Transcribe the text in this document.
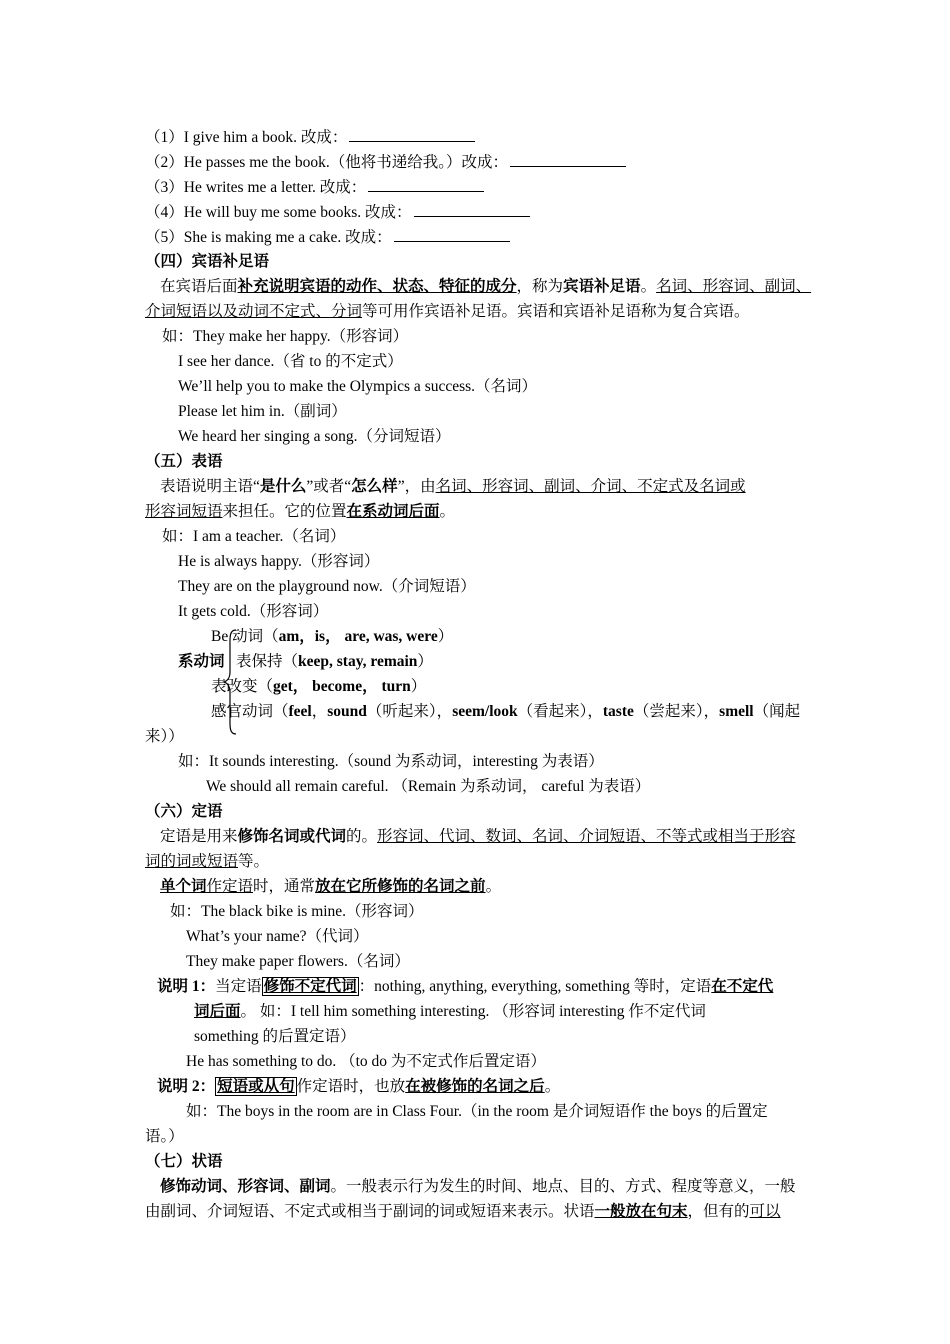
（1）I give him a book. 改成：
（2）He passes me the book.（他将书递给我。）改成：
（3）He writes me a letter. 改成：
（4）He will buy me some books. 改成：
（5）She is making me a cake. 改成：
（四）宾语补足语
在宾语后面补充说明宾语的动作、状态、特征的成分，称为宾语补足语。名词、形容词、副词、
介词短语以及动词不定式、分词等可用作宾语补足语。宾语和宾语补足语称为复合宾语。
如：They make her happy.（形容词）
I see her dance.（省 to 的不定式）
We’ll help you to make the Olympics a success.（名词）
Please let him in.（副词）
We heard her singing a song.（分词短语）
（五）表语
表语说明主语“是什么”或者“怎么样”，由名词、形容词、副词、介词、不定式及名词或
形容词短语来担任。它的位置在系动词后面。
如：I am a teacher.（名词）
He is always happy.（形容词）
They are on the playground now.（介词短语）
It gets cold.（形容词）
Be 动词（am，is， are, was, were）
系动词 表保持（keep, stay, remain）
表改变（get， become， turn）
感官动词（feel，sound（听起来），seem/look（看起来），taste（尝起来），smell（闻起
来））
如：It sounds interesting.（sound 为系动词，interesting 为表语）
We should all remain careful. （Remain 为系动词， careful 为表语）
（六）定语
定语是用来修饰名词或代词的。形容词、代词、数词、名词、介词短语、不等式或相当于形容
词的词或短语等。
单个词作定语时，通常放在它所修饰的名词之前。
如：The black bike is mine.（形容词）
What’s your name?（代词）
They make paper flowers.（名词）
说明 1：当定语 修饰不定代词 ：nothing, anything, everything, something 等时，定语在不定代
词后面。 如：I tell him something interesting. （形容词 interesting 作不定代词
something 的后置定语）
He has something to do. （to do 为不定式作后置定语）
说明 2： 短语或从句 作定语时，也放在被修饰的名词之后。
如：The boys in the room are in Class Four.（in the room 是介词短语作 the boys 的后置定
语。）
（七）状语
修饰动词、形容词、副词。一般表示行为发生的时间、地点、目的、方式、程度等意义，一般
由副词、介词短语、不定式或相当于副词的词或短语来表示。状语一般放在句末，但有的可以
